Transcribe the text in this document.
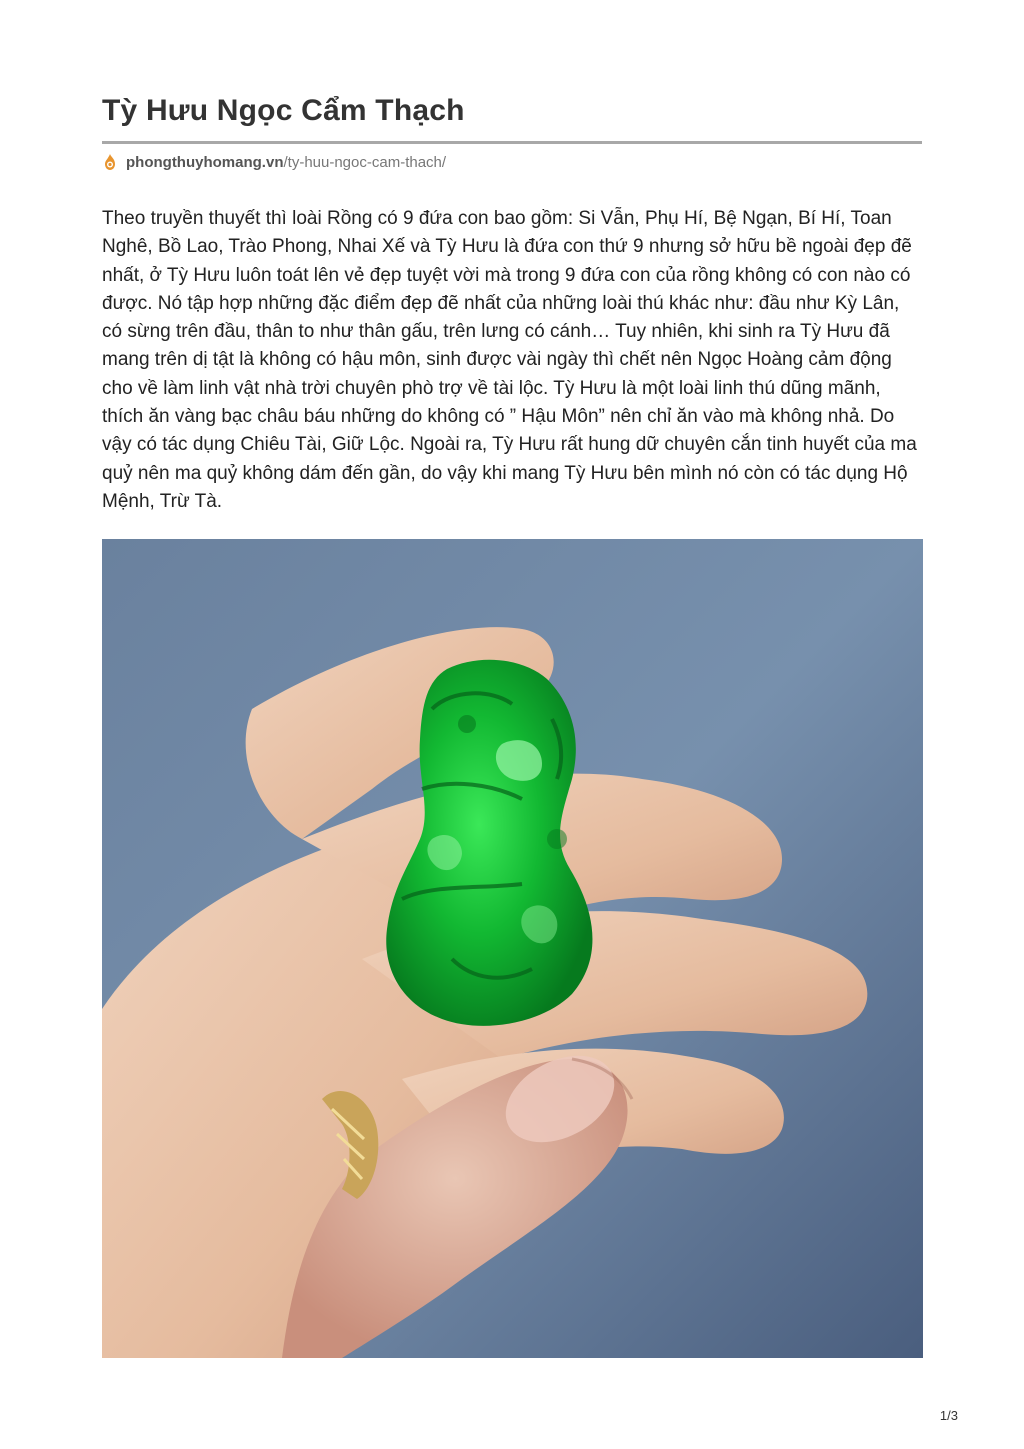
Tỳ Hưu Ngọc Cẩm Thạch
phongthuyhomang.vn/ty-huu-ngoc-cam-thach/

Theo truyền thuyết thì loài Rồng có 9 đứa con bao gồm: Si Vẫn, Phụ Hí, Bệ Ngạn, Bí Hí, Toan Nghê, Bồ Lao, Trào Phong, Nhai Xế và Tỳ Hưu là đứa con thứ 9 nhưng sở hữu bề ngoài đẹp đẽ nhất, ở Tỳ Hưu luôn toát lên vẻ đẹp tuyệt vời mà trong 9 đứa con của rồng không có con nào có được. Nó tập hợp những đặc điểm đẹp đẽ nhất của những loài thú khác như: đầu như Kỳ Lân, có sừng trên đầu, thân to như thân gấu, trên lưng có cánh… Tuy nhiên, khi sinh ra Tỳ Hưu đã mang trên dị tật là không có hậu môn, sinh được vài ngày thì chết nên Ngọc Hoàng cảm động cho về làm linh vật nhà trời chuyên phò trợ về tài lộc. Tỳ Hưu là một loài linh thú dũng mãnh, thích ăn vàng bạc châu báu những do không có ” Hậu Môn” nên chỉ ăn vào mà không nhả. Do vậy có tác dụng Chiêu Tài, Giữ Lộc. Ngoài ra, Tỳ Hưu rất hung dữ chuyên cắn tinh huyết của ma quỷ nên ma quỷ không dám đến gần, do vậy khi mang Tỳ Hưu bên mình nó còn có tác dụng Hộ Mệnh, Trừ Tà.

1/3
